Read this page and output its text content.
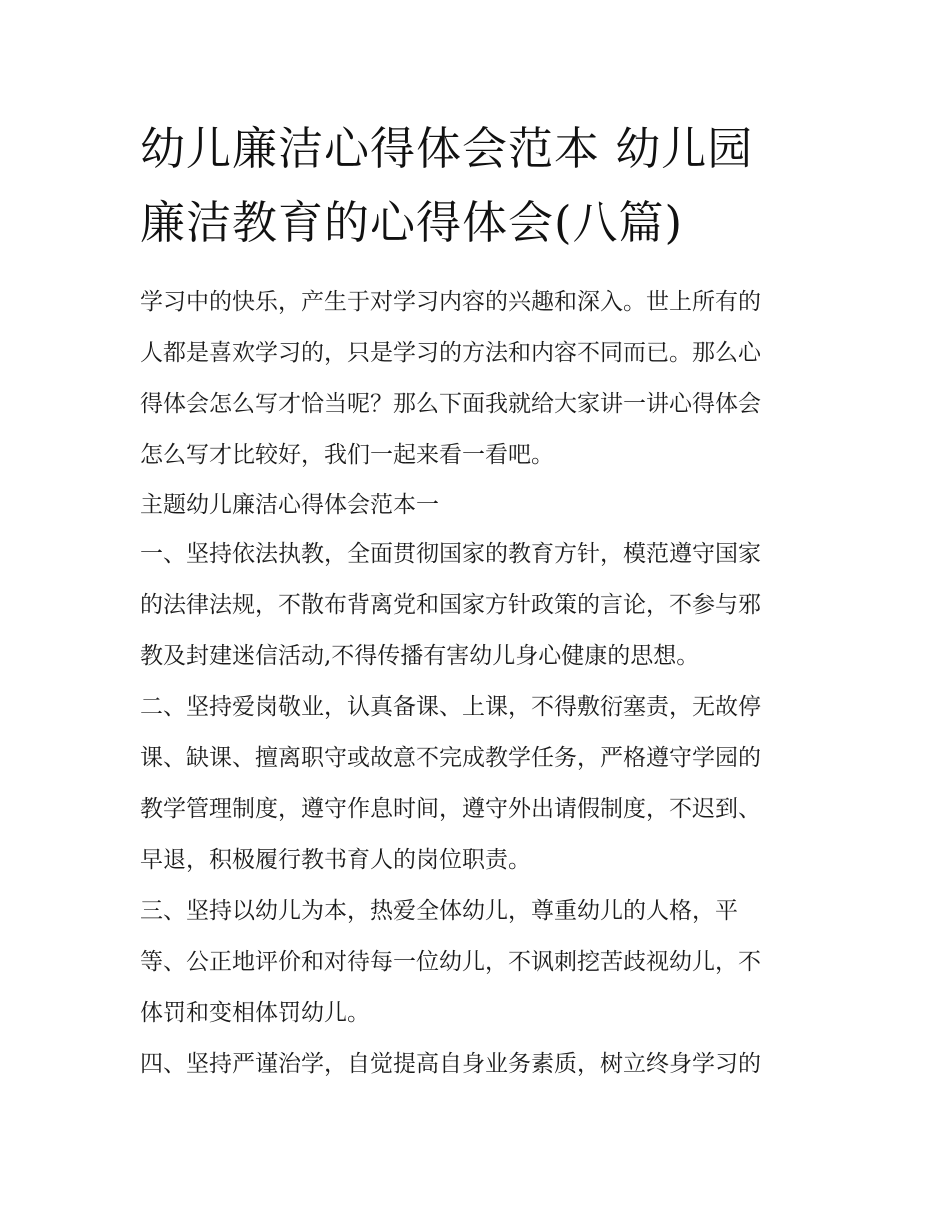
幼儿廉洁心得体会范本 幼儿园
廉洁教育的心得体会(八篇)

学习中的快乐，产生于对学习内容的兴趣和深入。世上所有的

人都是喜欢学习的，只是学习的方法和内容不同而已。那么心

得体会怎么写才恰当呢？那么下面我就给大家讲一讲心得体会

怎么写才比较好，我们一起来看一看吧。

主题幼儿廉洁心得体会范本一

一、坚持依法执教，全面贯彻国家的教育方针，模范遵守国家

的法律法规，不散布背离党和国家方针政策的言论，不参与邪

教及封建迷信活动,不得传播有害幼儿身心健康的思想。

二、坚持爱岗敬业，认真备课、上课，不得敷衍塞责，无故停

课、缺课、擅离职守或故意不完成教学任务，严格遵守学园的

教学管理制度，遵守作息时间，遵守外出请假制度，不迟到、

早退，积极履行教书育人的岗位职责。

三、坚持以幼儿为本，热爱全体幼儿，尊重幼儿的人格，平

等、公正地评价和对待每一位幼儿，不讽刺挖苦歧视幼儿，不

体罚和变相体罚幼儿。

四、坚持严谨治学，自觉提高自身业务素质，树立终身学习的
